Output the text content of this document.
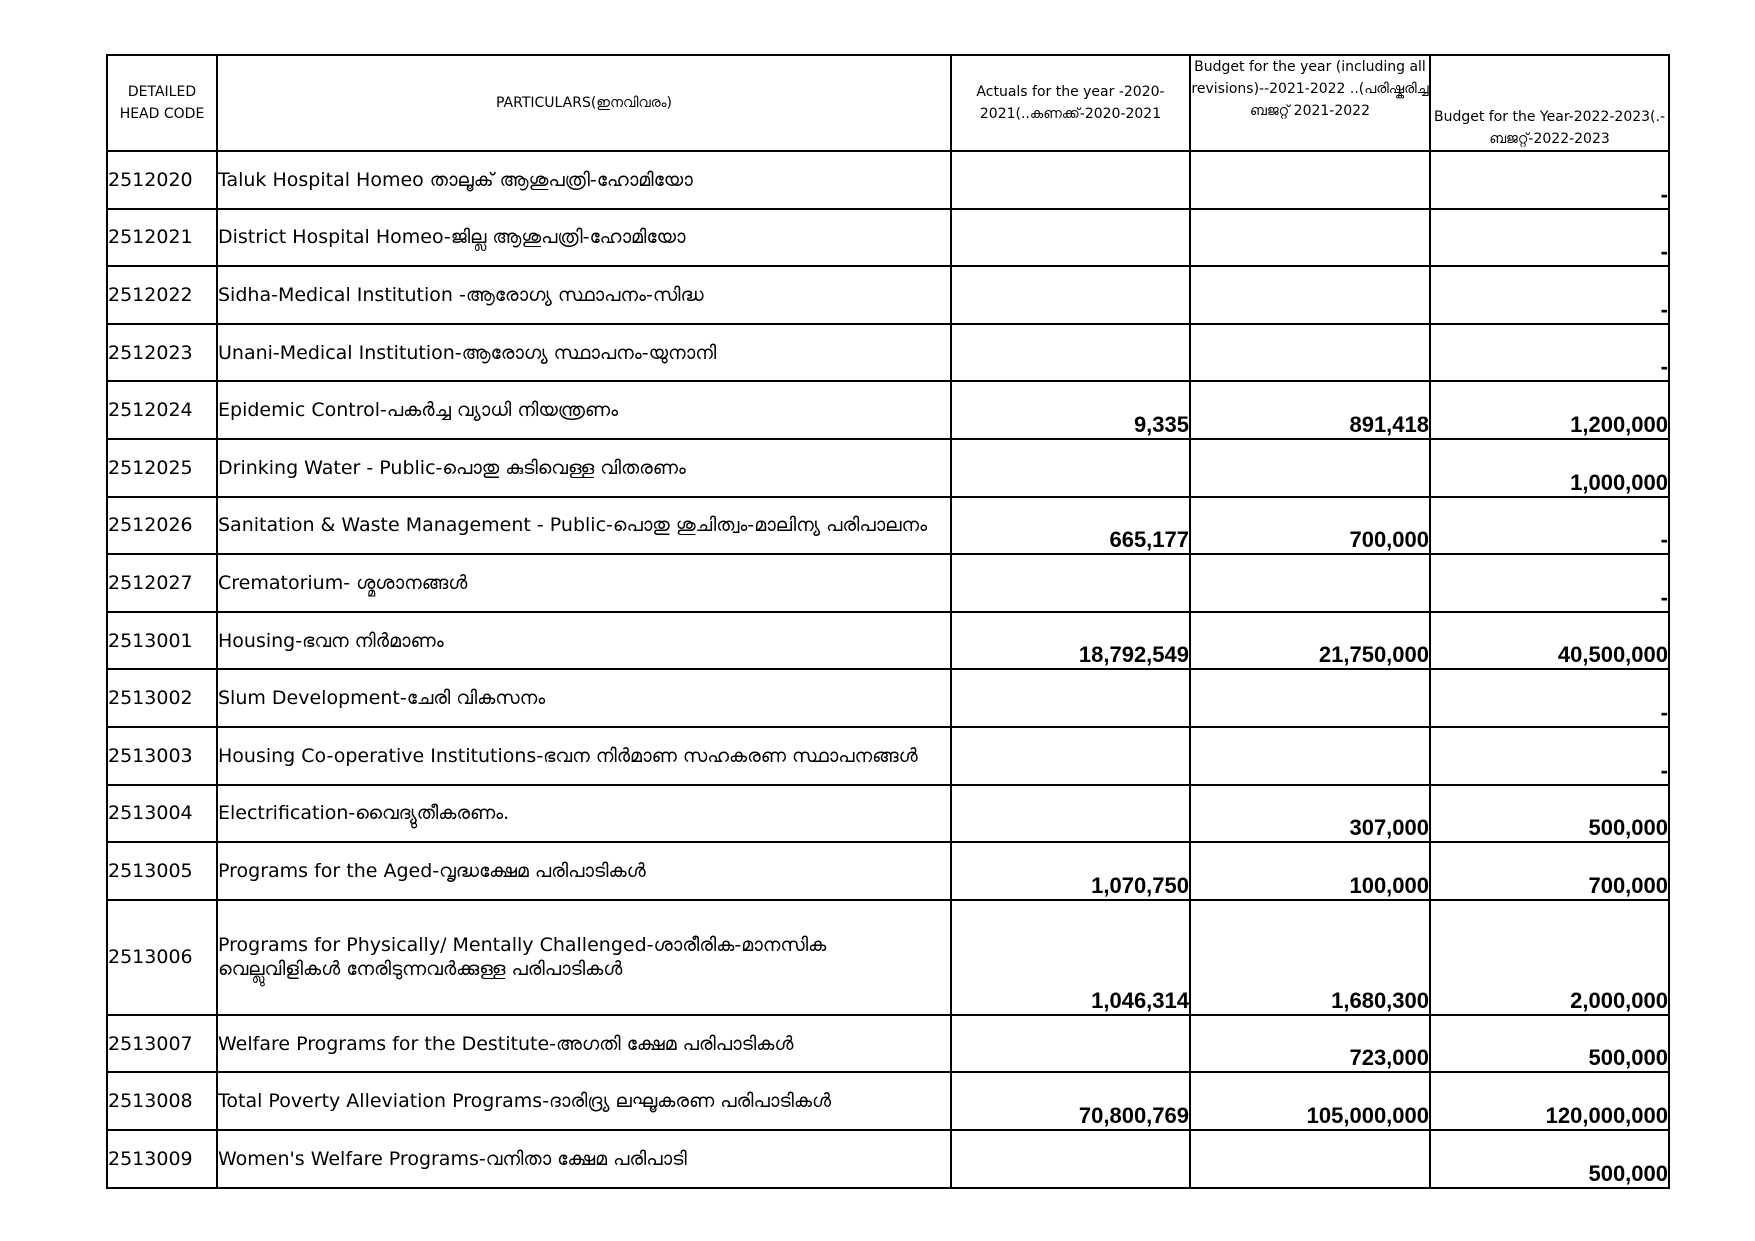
DETAILED HEAD CODE	PARTICULARS(ഇനവിവരം)	Actuals for the year -2020-2021(..കണക്ക്-2020-2021	Budget for the year (including all revisions)--2021-2022 ..(പരിഷ്കരിച്ച ബജറ്റ് 2021-2022	Budget for the Year-2022-2023(.-ബജറ്റ്-2022-2023
2512020	Taluk Hospital Homeo താലൂക് ആശുപത്രി-ഹോമിയോ			-
2512021	District Hospital Homeo-ജില്ല ആശുപത്രി-ഹോമിയോ			-
2512022	Sidha-Medical Institution -ആരോഗ്യ സ്ഥാപനം-സിദ്ധ			-
2512023	Unani-Medical Institution-ആരോഗ്യ സ്ഥാപനം-യുനാനി			-
2512024	Epidemic Control-പകർച്ച വ്യാധി നിയന്ത്രണം	9,335	891,418	1,200,000
2512025	Drinking Water - Public-പൊതു കുടിവെള്ള വിതരണം			1,000,000
2512026	Sanitation & Waste Management - Public-പൊതു ശുചിത്വം-മാലിന്യ പരിപാലനം	665,177	700,000	-
2512027	Crematorium- ശ്മശാനങ്ങൾ			-
2513001	Housing-ഭവന നിർമാണം	18,792,549	21,750,000	40,500,000
2513002	Slum Development-ചേരി വികസനം			-
2513003	Housing Co-operative Institutions-ഭവന നിർമാണ സഹകരണ സ്ഥാപനങ്ങൾ			-
2513004	Electrification-വൈദ്യുതീകരണം.		307,000	500,000
2513005	Programs for the Aged-വൃദ്ധക്ഷേമ പരിപാടികൾ	1,070,750	100,000	700,000
2513006	Programs for Physically/ Mentally Challenged-ശാരീരിക-മാനസിക വെല്ലുവിളികൾ നേരിടുന്നവർക്കുള്ള പരിപാടികൾ	1,046,314	1,680,300	2,000,000
2513007	Welfare Programs for the Destitute-അഗതി ക്ഷേമ പരിപാടികൾ		723,000	500,000
2513008	Total Poverty Alleviation Programs-ദാരിദ്ര്യ ലഘൂകരണ പരിപാടികൾ	70,800,769	105,000,000	120,000,000
2513009	Women's Welfare Programs-വനിതാ ക്ഷേമ പരിപാടി			500,000
